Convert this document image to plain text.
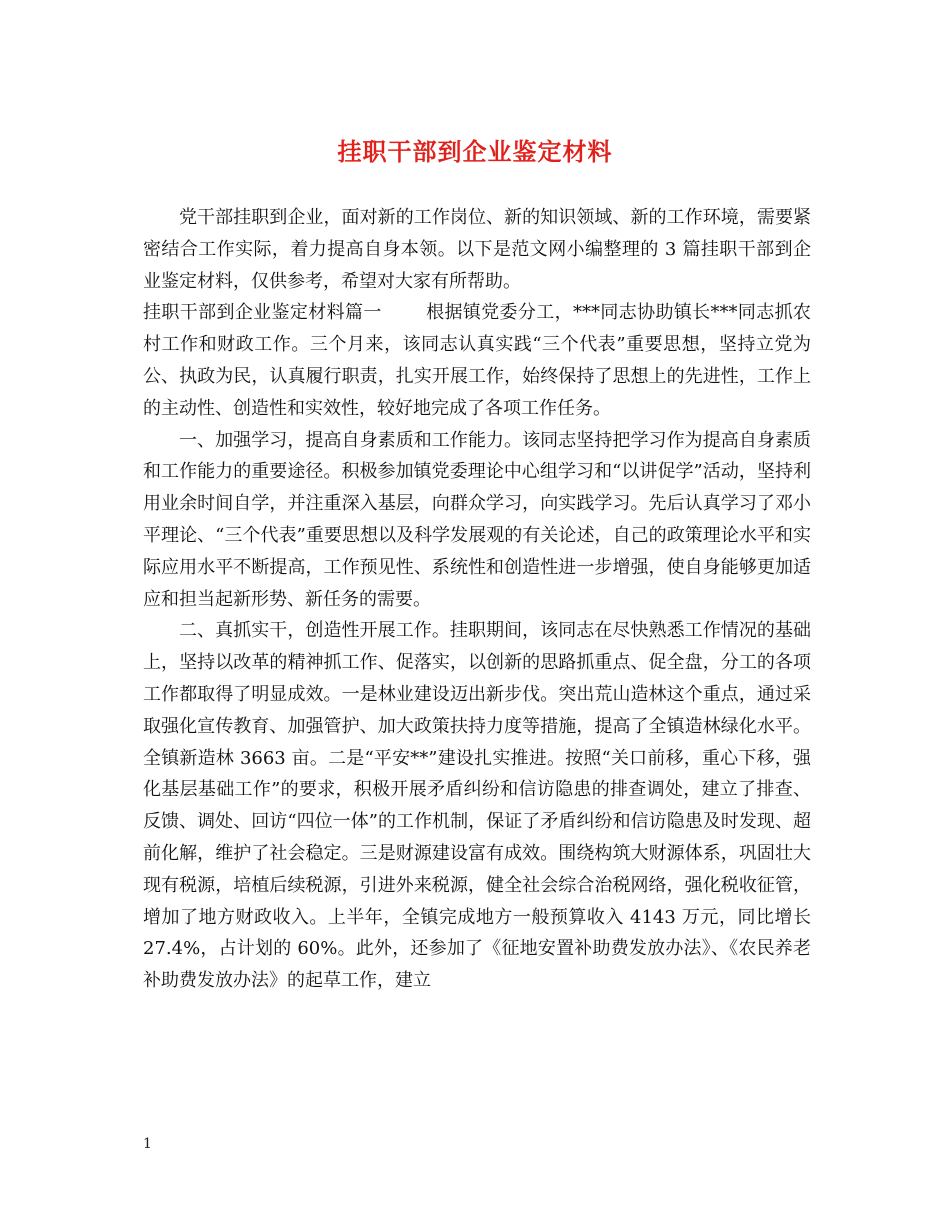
挂职干部到企业鉴定材料

党干部挂职到企业，面对新的工作岗位、新的知识领域、新的工作环境，需要紧密结合工作实际，着力提高自身本领。以下是范文网小编整理的 3 篇挂职干部到企业鉴定材料，仅供参考，希望对大家有所帮助。

挂职干部到企业鉴定材料篇一 根据镇党委分工，***同志协助镇长***同志抓农村工作和财政工作。三个月来，该同志认真实践“三个代表”重要思想，坚持立党为公、执政为民，认真履行职责，扎实开展工作，始终保持了思想上的先进性，工作上的主动性、创造性和实效性，较好地完成了各项工作任务。

一、加强学习，提高自身素质和工作能力。该同志坚持把学习作为提高自身素质和工作能力的重要途径。积极参加镇党委理论中心组学习和“以讲促学”活动，坚持利用业余时间自学，并注重深入基层，向群众学习，向实践学习。先后认真学习了邓小平理论、“三个代表”重要思想以及科学发展观的有关论述，自己的政策理论水平和实际应用水平不断提高，工作预见性、系统性和创造性进一步增强，使自身能够更加适应和担当起新形势、新任务的需要。

二、真抓实干，创造性开展工作。挂职期间，该同志在尽快熟悉工作情况的基础上，坚持以改革的精神抓工作、促落实，以创新的思路抓重点、促全盘，分工的各项工作都取得了明显成效。一是林业建设迈出新步伐。突出荒山造林这个重点，通过采取强化宣传教育、加强管护、加大政策扶持力度等措施，提高了全镇造林绿化水平。全镇新造林 3663 亩。二是“平安**”建设扎实推进。按照“关口前移，重心下移，强化基层基础工作”的要求，积极开展矛盾纠纷和信访隐患的排查调处，建立了排查、反馈、调处、回访“四位一体”的工作机制，保证了矛盾纠纷和信访隐患及时发现、超前化解，维护了社会稳定。三是财源建设富有成效。围绕构筑大财源体系，巩固壮大现有税源，培植后续税源，引进外来税源，健全社会综合治税网络，强化税收征管，增加了地方财政收入。上半年，全镇完成地方一般预算收入 4143 万元，同比增长 27.4%，占计划的 60%。此外，还参加了《征地安置补助费发放办法》、《农民养老补助费发放办法》的起草工作，建立

1
